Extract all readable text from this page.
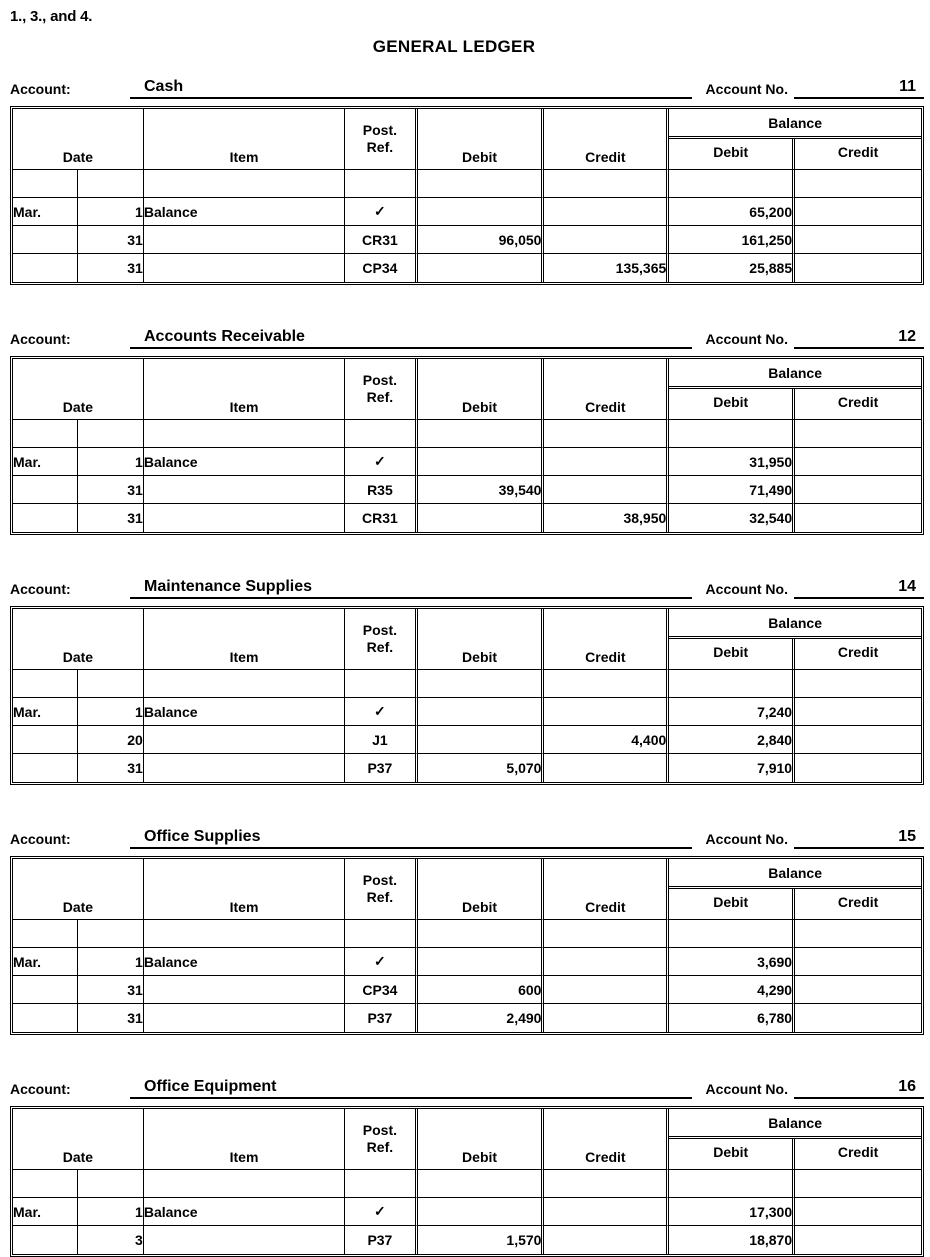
1., 3., and 4.
GENERAL LEDGER
Account:	Cash	Account No.	11
Date	Item

Post.
Ref.

Debit	Credit

Balance
Debit	Credit

Mar.	1	Balance	✓			65,200	
	31		CR31	96,050		161,250	
	31		CP34		135,365	25,885	
Account:	Accounts Receivable	Account No.	12
Date	Item

Post.
Ref.

Debit	Credit

Balance
Debit	Credit

Mar.	1	Balance	✓			31,950	
	31		R35	39,540		71,490	
	31		CR31		38,950	32,540	
Account:	Maintenance Supplies	Account No.	14
Date	Item

Post.
Ref.

Debit	Credit

Balance
Debit	Credit

Mar.	1	Balance	✓			7,240	
	20		J1		4,400	2,840	
	31		P37	5,070		7,910	
Account:	Office Supplies	Account No.	15
Date	Item

Post.
Ref.

Debit	Credit

Balance
Debit	Credit

Mar.	1	Balance	✓			3,690	
	31		CP34	600		4,290	
	31		P37	2,490		6,780	
Account:	Office Equipment	Account No.	16
Date	Item

Post.
Ref.

Debit	Credit

Balance
Debit	Credit

Mar.	1	Balance	✓			17,300	
	3		P37	1,570		18,870	
